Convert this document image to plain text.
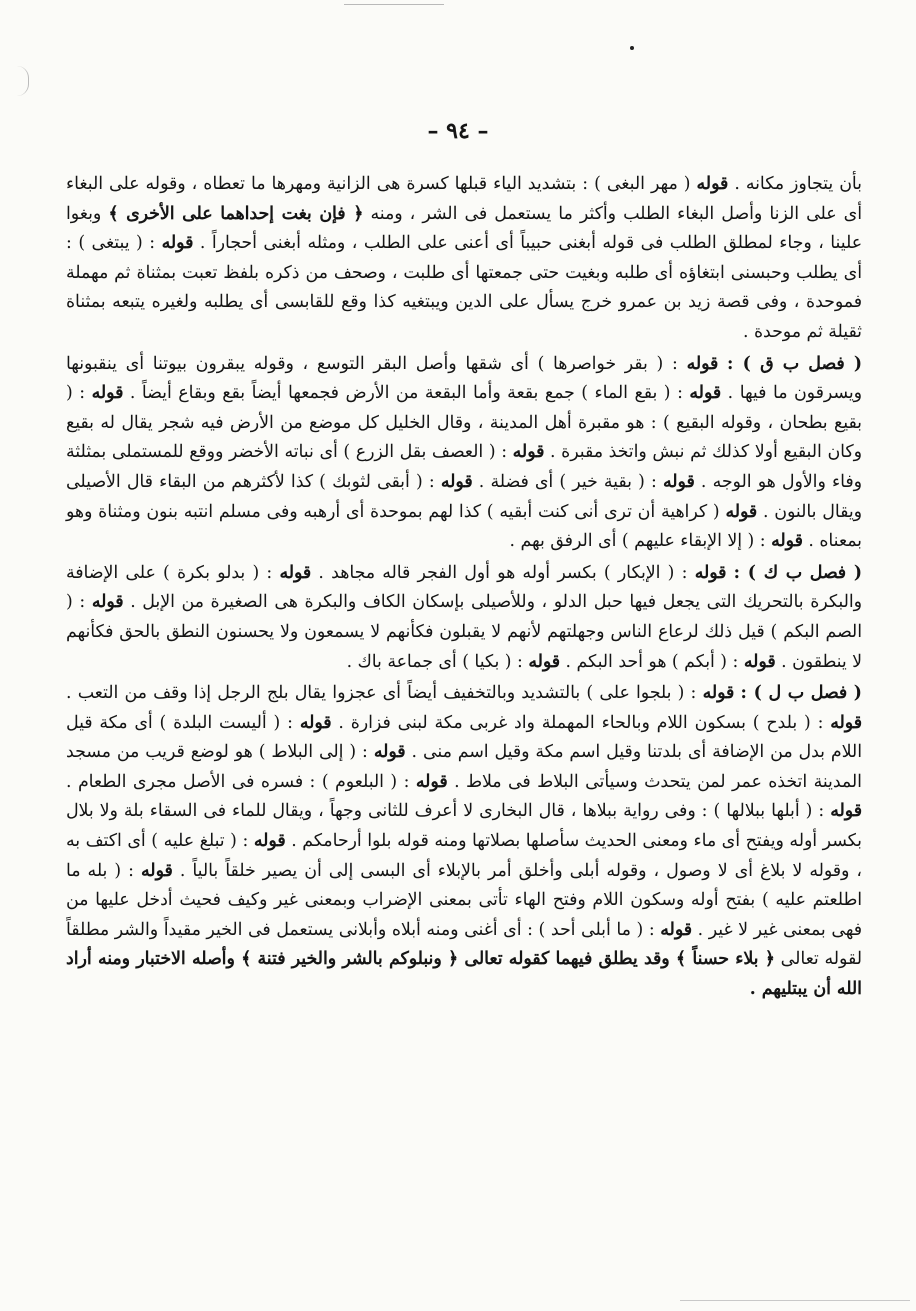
– ٩٤ –

بأن يتجاوز مكانه . قوله ( مهر البغى ) : بتشديد الياء قبلها كسرة هى الزانية ومهرها ما تعطاه ، وقوله على البغاء أى على الزنا وأصل البغاء الطلب وأكثر ما يستعمل فى الشر ، ومنه ﴿ فإن بغت إحداهما على الأخرى ﴾ وبغوا علينا ، وجاء لمطلق الطلب فى قوله أبغنى حبيباً أى أعنى على الطلب ، ومثله أبغنى أحجاراً . قوله : ( يبتغى ) : أى يطلب وحبسنى ابتغاؤه أى طلبه وبغيت حتى جمعتها أى طلبت ، وصحف من ذكره بلفظ تعبت بمثناة ثم مهملة فموحدة ، وفى قصة زيد بن عمرو خرج يسأل على الدين ويبتغيه كذا وقع للقابسى أى يطلبه ولغيره يتبعه بمثناة ثقيلة ثم موحدة .

( فصل ب ق ) : قوله : ( بقر خواصرها ) أى شقها وأصل البقر التوسع ، وقوله يبقرون بيوتنا أى ينقبونها ويسرقون ما فيها . قوله : ( بقع الماء ) جمع بقعة وأما البقعة من الأرض فجمعها أيضاً بقع وبقاع أيضاً . قوله : ( بقيع بطحان ، وقوله البقيع ) : هو مقبرة أهل المدينة ، وقال الخليل كل موضع من الأرض فيه شجر يقال له بقيع وكان البقيع أولا كذلك ثم نبش واتخذ مقبرة . قوله : ( العصف بقل الزرع ) أى نباته الأخضر ووقع للمستملى بمثلثة وفاء والأول هو الوجه . قوله : ( بقية خير ) أى فضلة . قوله : ( أبقى لثوبك ) كذا لأكثرهم من البقاء قال الأصيلى ويقال بالنون . قوله ( كراهية أن ترى أنى كنت أبقيه ) كذا لهم بموحدة أى أرهبه وفى مسلم انتبه بنون ومثناة وهو بمعناه . قوله : ( إلا الإبقاء عليهم ) أى الرفق بهم .

( فصل ب ك ) : قوله : ( الإبكار ) بكسر أوله هو أول الفجر قاله مجاهد . قوله : ( بدلو بكرة ) على الإضافة والبكرة بالتحريك التى يجعل فيها حبل الدلو ، وللأصيلى بإسكان الكاف والبكرة هى الصغيرة من الإبل . قوله : ( الصم البكم ) قيل ذلك لرعاع الناس وجهلتهم لأنهم لا يقبلون فكأنهم لا يسمعون ولا يحسنون النطق بالحق فكأنهم لا ينطقون . قوله : ( أبكم ) هو أحد البكم . قوله : ( بكيا ) أى جماعة باك .

( فصل ب ل ) : قوله : ( بلجوا على ) بالتشديد وبالتخفيف أيضاً أى عجزوا يقال بلج الرجل إذا وقف من التعب . قوله : ( بلدح ) بسكون اللام وبالحاء المهملة واد غربى مكة لبنى فزارة . قوله : ( أليست البلدة ) أى مكة قيل اللام بدل من الإضافة أى بلدتنا وقيل اسم مكة وقيل اسم منى . قوله : ( إلى البلاط ) هو لوضع قريب من مسجد المدينة اتخذه عمر لمن يتحدث وسيأتى البلاط فى ملاط . قوله : ( البلعوم ) : فسره فى الأصل مجرى الطعام . قوله : ( أبلها ببلالها ) : وفى رواية ببلاها ، قال البخارى لا أعرف للثانى وجهاً ، ويقال للماء فى السقاء بلة ولا بلال بكسر أوله ويفتح أى ماء ومعنى الحديث سأصلها بصلاتها ومنه قوله بلوا أرحامكم . قوله : ( تبلغ عليه ) أى اكتف به ، وقوله لا بلاغ أى لا وصول ، وقوله أبلى وأخلق أمر بالإبلاء أى البسى إلى أن يصير خلقاً بالياً . قوله : ( بله ما اطلعتم عليه ) بفتح أوله وسكون اللام وفتح الهاء تأتى بمعنى الإضراب وبمعنى غير وكيف فحيث أدخل عليها من فهى بمعنى غير لا غير . قوله : ( ما أبلى أحد ) : أى أغنى ومنه أبلاه وأبلانى يستعمل فى الخير مقيداً والشر مطلقاً لقوله تعالى ﴿ بلاء حسناً ﴾ وقد يطلق فيهما كقوله تعالى ﴿ ونبلوكم بالشر والخير فتنة ﴾ وأصله الاختبار ومنه أراد الله أن يبتليهم .
